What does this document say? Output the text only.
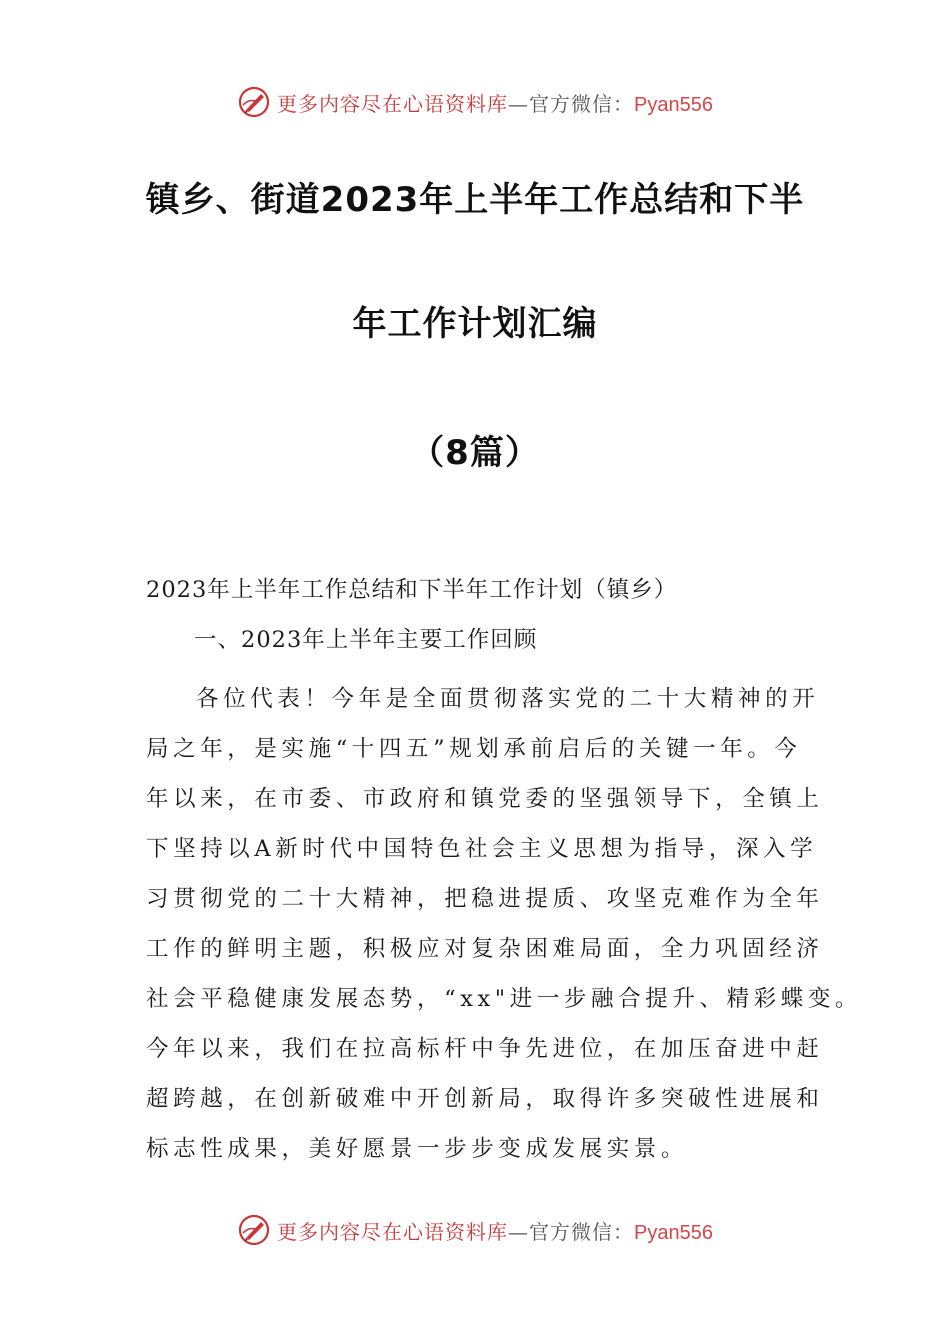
更多内容尽在心语资料库—官方微信：Pyan556
镇乡、街道2023年上半年工作总结和下半
年工作计划汇编
（8篇）
2023年上半年工作总结和下半年工作计划（镇乡）
一、2023年上半年主要工作回顾
各位代表！今年是全面贯彻落实党的二十大精神的开
局之年，是实施“十四五”规划承前启后的关键一年。今
年以来，在市委、市政府和镇党委的坚强领导下，全镇上
下坚持以A新时代中国特色社会主义思想为指导，深入学
习贯彻党的二十大精神，把稳进提质、攻坚克难作为全年
工作的鲜明主题，积极应对复杂困难局面，全力巩固经济
社会平稳健康发展态势，“xx"进一步融合提升、精彩蝶变。
今年以来，我们在拉高标杆中争先进位，在加压奋进中赶
超跨越，在创新破难中开创新局，取得许多突破性进展和
标志性成果，美好愿景一步步变成发展实景。
更多内容尽在心语资料库—官方微信：Pyan556
